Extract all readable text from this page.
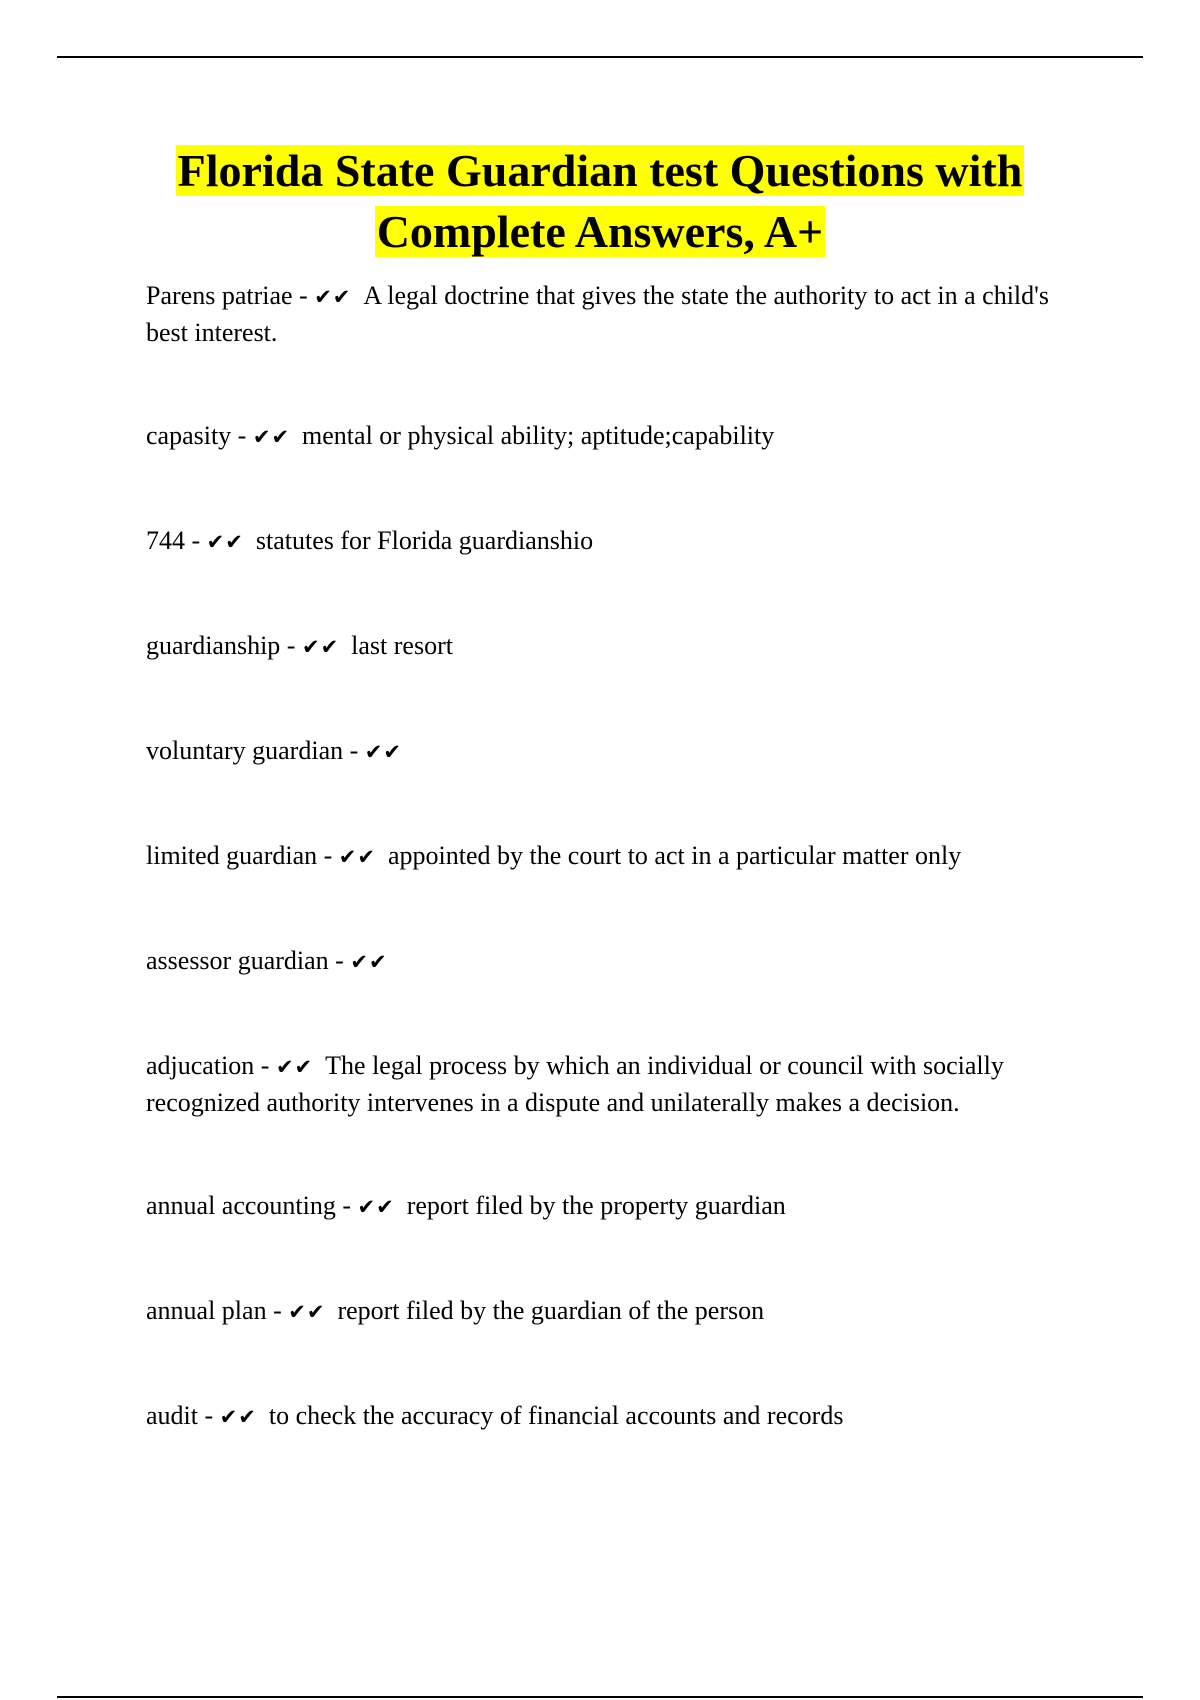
Florida State Guardian test Questions with
Complete Answers, A+
Parens patriae - ✔✔ A legal doctrine that gives the state the authority to act in a child's best interest.
capasity - ✔✔ mental or physical ability; aptitude;capability
744 - ✔✔ statutes for Florida guardianshio
guardianship - ✔✔ last resort
voluntary guardian - ✔✔
limited guardian - ✔✔ appointed by the court to act in a particular matter only
assessor guardian - ✔✔
adjucation - ✔✔ The legal process by which an individual or council with socially recognized authority intervenes in a dispute and unilaterally makes a decision.
annual accounting - ✔✔ report filed by the property guardian
annual plan - ✔✔ report filed by the guardian of the person
audit - ✔✔ to check the accuracy of financial accounts and records
